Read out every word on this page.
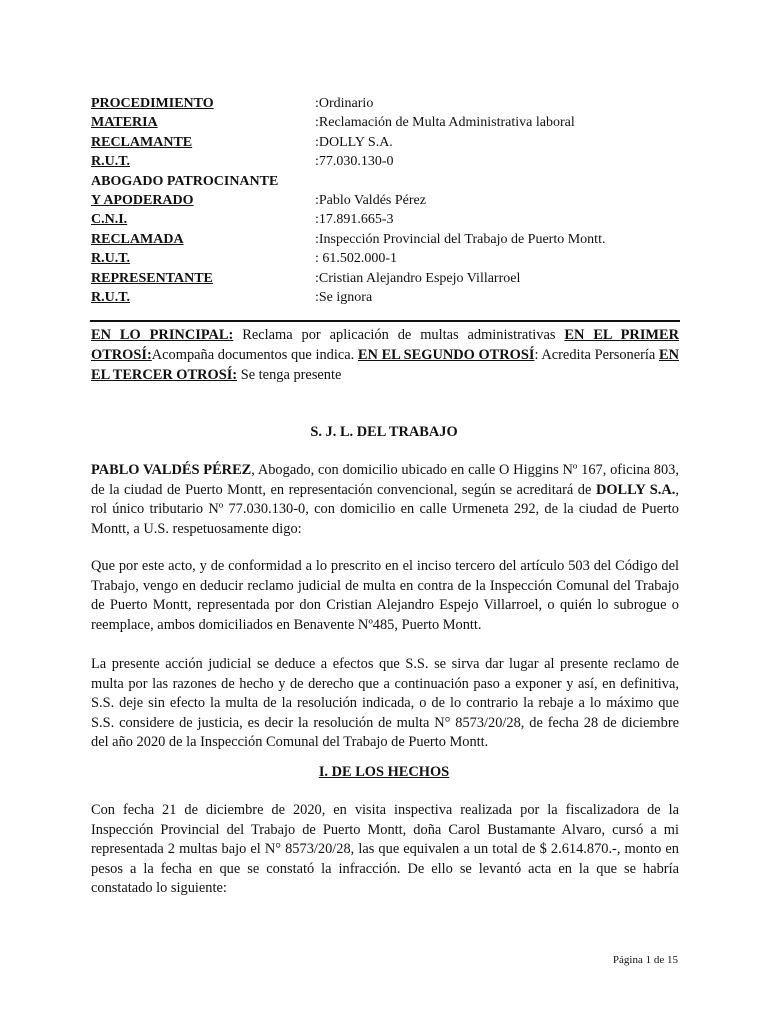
PROCEDIMIENTO	:Ordinario
MATERIA	:Reclamación de Multa Administrativa laboral
RECLAMANTE	:DOLLY S.A.
R.U.T.	:77.030.130-0
ABOGADO PATROCINANTE
Y APODERADO	:Pablo Valdés Pérez
C.N.I.	:17.891.665-3
RECLAMADA	:Inspección Provincial del Trabajo de Puerto Montt.
R.U.T.	: 61.502.000-1
REPRESENTANTE	:Cristian Alejandro Espejo Villarroel
R.U.T.	:Se ignora
EN LO PRINCIPAL: Reclama por aplicación de multas administrativas EN EL PRIMER OTROSÍ:Acompaña documentos que indica. EN EL SEGUNDO OTROSÍ: Acredita Personería EN EL TERCER OTROSÍ: Se tenga presente
S. J. L. DEL TRABAJO
PABLO VALDÉS PÉREZ, Abogado, con domicilio ubicado en calle O Higgins Nº 167, oficina 803, de la ciudad de Puerto Montt, en representación convencional, según se acreditará de DOLLY S.A., rol único tributario Nº 77.030.130-0, con domicilio en calle Urmeneta 292, de la ciudad de Puerto Montt, a U.S. respetuosamente digo:
Que por este acto, y de conformidad a lo prescrito en el inciso tercero del artículo 503 del Código del Trabajo, vengo en deducir reclamo judicial de multa en contra de la Inspección Comunal del Trabajo de Puerto Montt, representada por don Cristian Alejandro Espejo Villarroel, o quién lo subrogue o reemplace, ambos domiciliados en Benavente Nº485, Puerto Montt.
La presente acción judicial se deduce a efectos que S.S. se sirva dar lugar al presente reclamo de multa por las razones de hecho y de derecho que a continuación paso a exponer y así, en definitiva, S.S. deje sin efecto la multa de la resolución indicada, o de lo contrario la rebaje a lo máximo que S.S. considere de justicia, es decir la resolución de multa N° 8573/20/28, de fecha 28 de diciembre del año 2020 de la Inspección Comunal del Trabajo de Puerto Montt.
I. DE LOS HECHOS
Con fecha 21 de diciembre de 2020, en visita inspectiva realizada por la fiscalizadora de la Inspección Provincial del Trabajo de Puerto Montt, doña Carol Bustamante Alvaro, cursó a mi representada 2 multas bajo el N° 8573/20/28, las que equivalen a un total de $ 2.614.870.-, monto en pesos a la fecha en que se constató la infracción. De ello se levantó acta en la que se habría constatado lo siguiente:
Página 1 de 15
